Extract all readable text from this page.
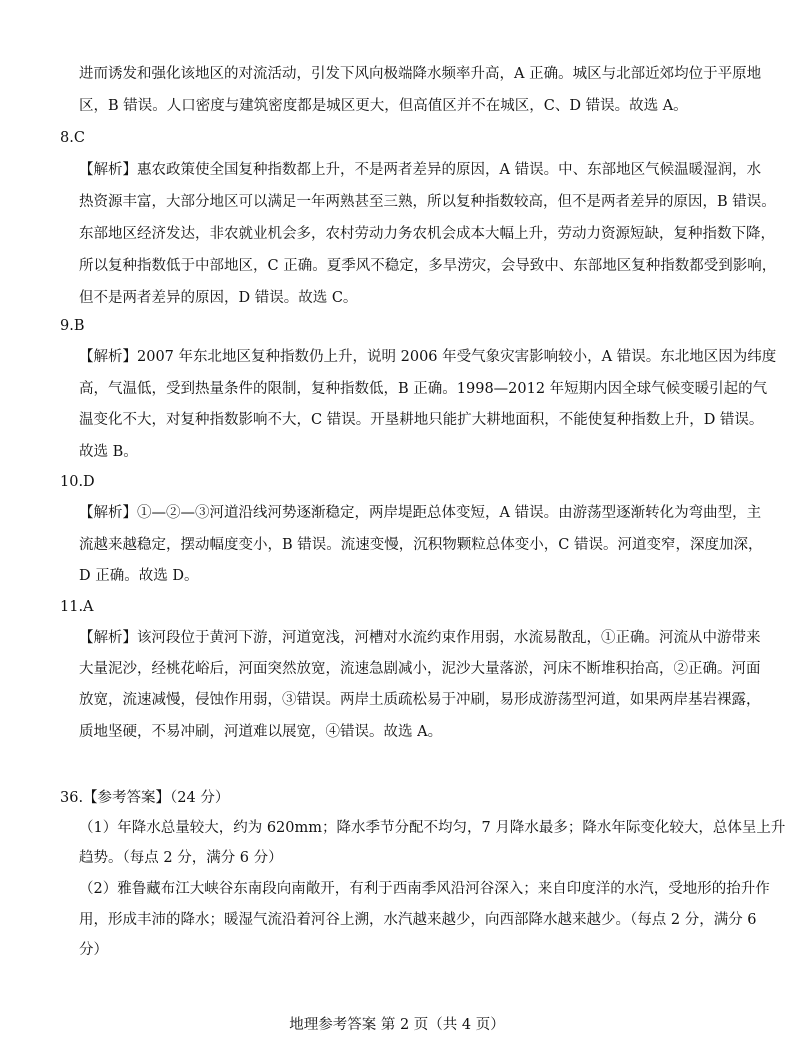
进而诱发和强化该地区的对流活动，引发下风向极端降水频率升高，A 正确。城区与北部近郊均位于平原地
区，B 错误。人口密度与建筑密度都是城区更大，但高值区并不在城区，C、D 错误。故选 A。
8.C
【解析】惠农政策使全国复种指数都上升，不是两者差异的原因，A 错误。中、东部地区气候温暖湿润，水
热资源丰富，大部分地区可以满足一年两熟甚至三熟，所以复种指数较高，但不是两者差异的原因，B 错误。
东部地区经济发达，非农就业机会多，农村劳动力务农机会成本大幅上升，劳动力资源短缺，复种指数下降，
所以复种指数低于中部地区，C 正确。夏季风不稳定，多旱涝灾，会导致中、东部地区复种指数都受到影响，
但不是两者差异的原因，D 错误。故选 C。
9.B
【解析】2007 年东北地区复种指数仍上升，说明 2006 年受气象灾害影响较小，A 错误。东北地区因为纬度
高，气温低，受到热量条件的限制，复种指数低，B 正确。1998—2012 年短期内因全球气候变暖引起的气
温变化不大，对复种指数影响不大，C 错误。开垦耕地只能扩大耕地面积，不能使复种指数上升，D 错误。
故选 B。
10.D
【解析】①—②—③河道沿线河势逐渐稳定，两岸堤距总体变短，A 错误。由游荡型逐渐转化为弯曲型，主
流越来越稳定，摆动幅度变小，B 错误。流速变慢，沉积物颗粒总体变小，C 错误。河道变窄，深度加深，
D 正确。故选 D。
11.A
【解析】该河段位于黄河下游，河道宽浅，河槽对水流约束作用弱，水流易散乱，①正确。河流从中游带来
大量泥沙，经桃花峪后，河面突然放宽，流速急剧减小，泥沙大量落淤，河床不断堆积抬高，②正确。河面
放宽，流速减慢，侵蚀作用弱，③错误。两岸土质疏松易于冲刷，易形成游荡型河道，如果两岸基岩裸露，
质地坚硬，不易冲刷，河道难以展宽，④错误。故选 A。
36.【参考答案】（24 分）
（1）年降水总量较大，约为 620mm；降水季节分配不均匀，7 月降水最多；降水年际变化较大，总体呈上升
趋势。（每点 2 分，满分 6 分）
（2）雅鲁藏布江大峡谷东南段向南敞开，有利于西南季风沿河谷深入；来自印度洋的水汽，受地形的抬升作
用，形成丰沛的降水；暖湿气流沿着河谷上溯，水汽越来越少，向西部降水越来越少。（每点 2 分，满分 6
分）
地理参考答案 第 2 页（共 4 页）
